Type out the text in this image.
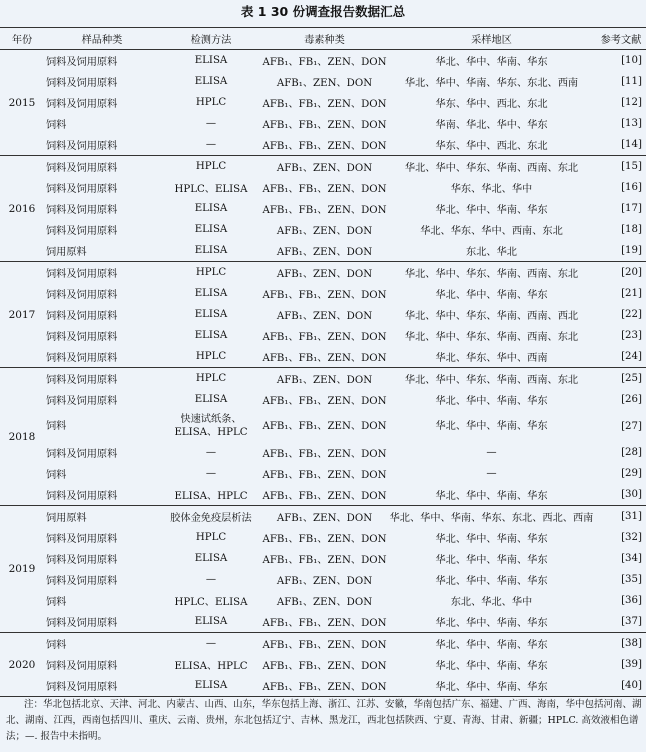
表 1 30 份调查报告数据汇总
年份	样品种类	检测方法	毒素种类	采样地区	参考文献
2015	饲料及饲用原料	ELISA	AFB₁、FB₁、ZEN、DON	华北、华中、华南、华东	[10]
	饲料及饲用原料	ELISA	AFB₁、ZEN、DON	华北、华中、华南、华东、东北、西南	[11]
	饲料及饲用原料	HPLC	AFB₁、FB₁、ZEN、DON	华东、华中、西北、东北	[12]
	饲料	—	AFB₁、FB₁、ZEN、DON	华南、华北、华中、华东	[13]
	饲料及饲用原料	—	AFB₁、FB₁、ZEN、DON	华东、华中、西北、东北	[14]
2016	饲料及饲用原料	HPLC	AFB₁、ZEN、DON	华北、华中、华东、华南、西南、东北	[15]
	饲料及饲用原料	HPLC、ELISA	AFB₁、FB₁、ZEN、DON	华东、华北、华中	[16]
	饲料及饲用原料	ELISA	AFB₁、FB₁、ZEN、DON	华北、华中、华南、华东	[17]
	饲料及饲用原料	ELISA	AFB₁、ZEN、DON	华北、华东、华中、西南、东北	[18]
	饲用原料	ELISA	AFB₁、ZEN、DON	东北、华北	[19]
2017	饲料及饲用原料	HPLC	AFB₁、ZEN、DON	华北、华中、华东、华南、西南、东北	[20]
	饲料及饲用原料	ELISA	AFB₁、FB₁、ZEN、DON	华北、华中、华南、华东	[21]
	饲料及饲用原料	ELISA	AFB₁、ZEN、DON	华北、华中、华东、华南、西南、西北	[22]
	饲料及饲用原料	ELISA	AFB₁、FB₁、ZEN、DON	华北、华中、华东、华南、西南、东北	[23]
	饲料及饲用原料	HPLC	AFB₁、FB₁、ZEN、DON	华北、华东、华中、西南	[24]
2018	饲料及饲用原料	HPLC	AFB₁、ZEN、DON	华北、华中、华东、华南、西南、东北	[25]
	饲料及饲用原料	ELISA	AFB₁、FB₁、ZEN、DON	华北、华中、华南、华东	[26]
	饲料	快速试纸条、ELISA、HPLC	AFB₁、FB₁、ZEN、DON	华北、华中、华南、华东	[27]
	饲料及饲用原料	—	AFB₁、FB₁、ZEN、DON	—	[28]
	饲料	—	AFB₁、FB₁、ZEN、DON	—	[29]
	饲料及饲用原料	ELISA、HPLC	AFB₁、FB₁、ZEN、DON	华北、华中、华南、华东	[30]
2019	饲用原料	胶体金免疫层析法	AFB₁、ZEN、DON	华北、华中、华南、华东、东北、西北、西南	[31]
	饲料及饲用原料	HPLC	AFB₁、FB₁、ZEN、DON	华北、华中、华南、华东	[32]
	饲料及饲用原料	ELISA	AFB₁、FB₁、ZEN、DON	华北、华中、华南、华东	[34]
	饲料及饲用原料	—	AFB₁、ZEN、DON	华北、华中、华南、华东	[35]
	饲料	HPLC、ELISA	AFB₁、ZEN、DON	东北、华北、华中	[36]
	饲料及饲用原料	ELISA	AFB₁、FB₁、ZEN、DON	华北、华中、华南、华东	[37]
2020	饲料	—	AFB₁、FB₁、ZEN、DON	华北、华中、华南、华东	[38]
	饲料及饲用原料	ELISA、HPLC	AFB₁、FB₁、ZEN、DON	华北、华中、华南、华东	[39]
	饲料及饲用原料	ELISA	AFB₁、FB₁、ZEN、DON	华北、华中、华南、华东	[40]
注：华北包括北京、天津、河北、内蒙古、山西、山东，华东包括上海、浙江、江苏、安徽，华南包括广东、福建、广西、海南，华中包括河南、湖北、湖南、江西，西南包括四川、重庆、云南、贵州，东北包括辽宁、吉林、黑龙江，西北包括陕西、宁夏、青海、甘肃、新疆；HPLC. 高效液相色谱法；—. 报告中未指明。
